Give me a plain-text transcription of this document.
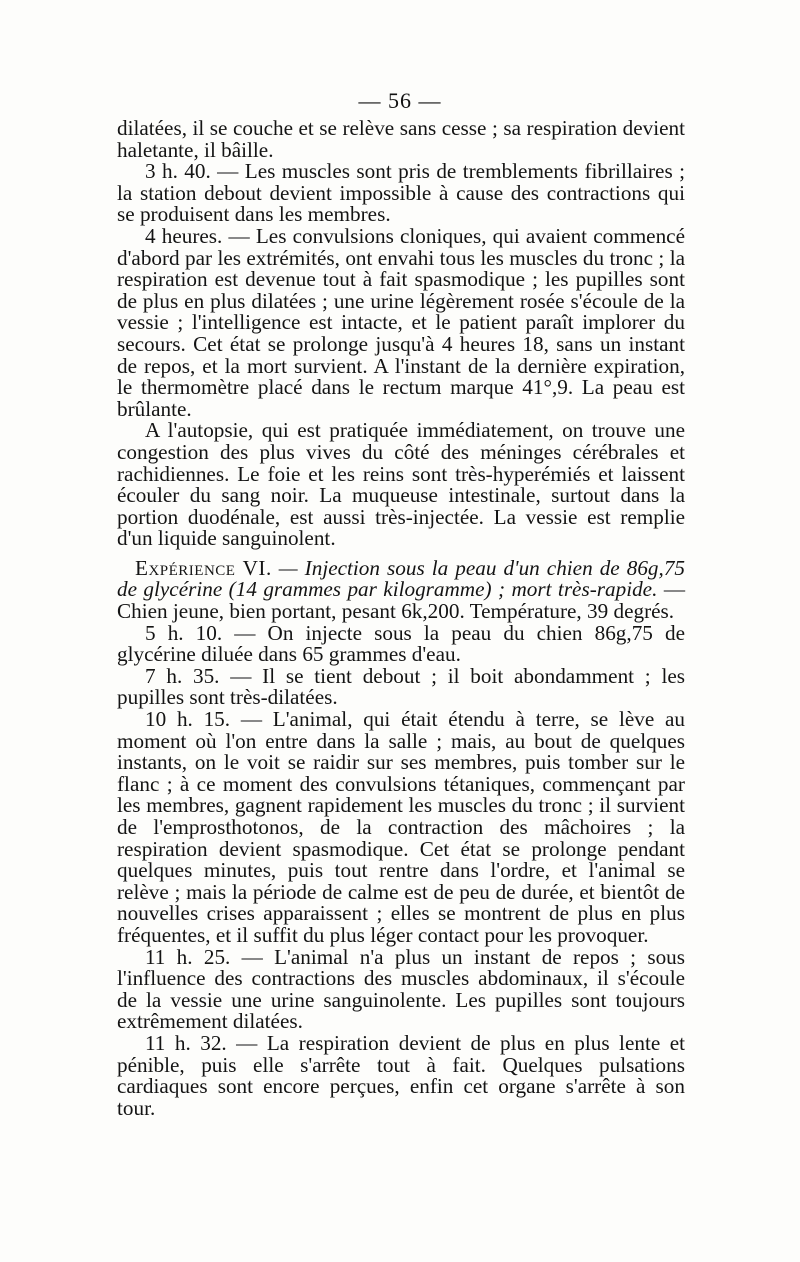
— 56 —

dilatées, il se couche et se relève sans cesse ; sa respiration devient haletante, il bâille.

3 h. 40. — Les muscles sont pris de tremblements fibrillaires ; la station debout devient impossible à cause des contractions qui se produisent dans les membres.

4 heures. — Les convulsions cloniques, qui avaient commencé d'abord par les extrémités, ont envahi tous les muscles du tronc ; la respiration est devenue tout à fait spasmodique ; les pupilles sont de plus en plus dilatées ; une urine légèrement rosée s'écoule de la vessie ; l'intelligence est intacte, et le patient paraît implorer du secours. Cet état se prolonge jusqu'à 4 heures 18, sans un instant de repos, et la mort survient. A l'instant de la dernière expiration, le thermomètre placé dans le rectum marque 41°,9. La peau est brûlante.

A l'autopsie, qui est pratiquée immédiatement, on trouve une congestion des plus vives du côté des méninges cérébrales et rachidiennes. Le foie et les reins sont très-hyperémiés et laissent écouler du sang noir. La muqueuse intestinale, surtout dans la portion duodénale, est aussi très-injectée. La vessie est remplie d'un liquide sanguinolent.

Expérience VI. — Injection sous la peau d'un chien de 86g,75 de glycérine (14 grammes par kilogramme) ; mort très-rapide. — Chien jeune, bien portant, pesant 6k,200. Température, 39 degrés.

5 h. 10. — On injecte sous la peau du chien 86g,75 de glycérine diluée dans 65 grammes d'eau.

7 h. 35. — Il se tient debout ; il boit abondamment ; les pupilles sont très-dilatées.

10 h. 15. — L'animal, qui était étendu à terre, se lève au moment où l'on entre dans la salle ; mais, au bout de quelques instants, on le voit se raidir sur ses membres, puis tomber sur le flanc ; à ce moment des convulsions tétaniques, commençant par les membres, gagnent rapidement les muscles du tronc ; il survient de l'emprosthotonos, de la contraction des mâchoires ; la respiration devient spasmodique. Cet état se prolonge pendant quelques minutes, puis tout rentre dans l'ordre, et l'animal se relève ; mais la période de calme est de peu de durée, et bientôt de nouvelles crises apparaissent ; elles se montrent de plus en plus fréquentes, et il suffit du plus léger contact pour les provoquer.

11 h. 25. — L'animal n'a plus un instant de repos ; sous l'influence des contractions des muscles abdominaux, il s'écoule de la vessie une urine sanguinolente. Les pupilles sont toujours extrêmement dilatées.

11 h. 32. — La respiration devient de plus en plus lente et pénible, puis elle s'arrête tout à fait. Quelques pulsations cardiaques sont encore perçues, enfin cet organe s'arrête à son tour.
